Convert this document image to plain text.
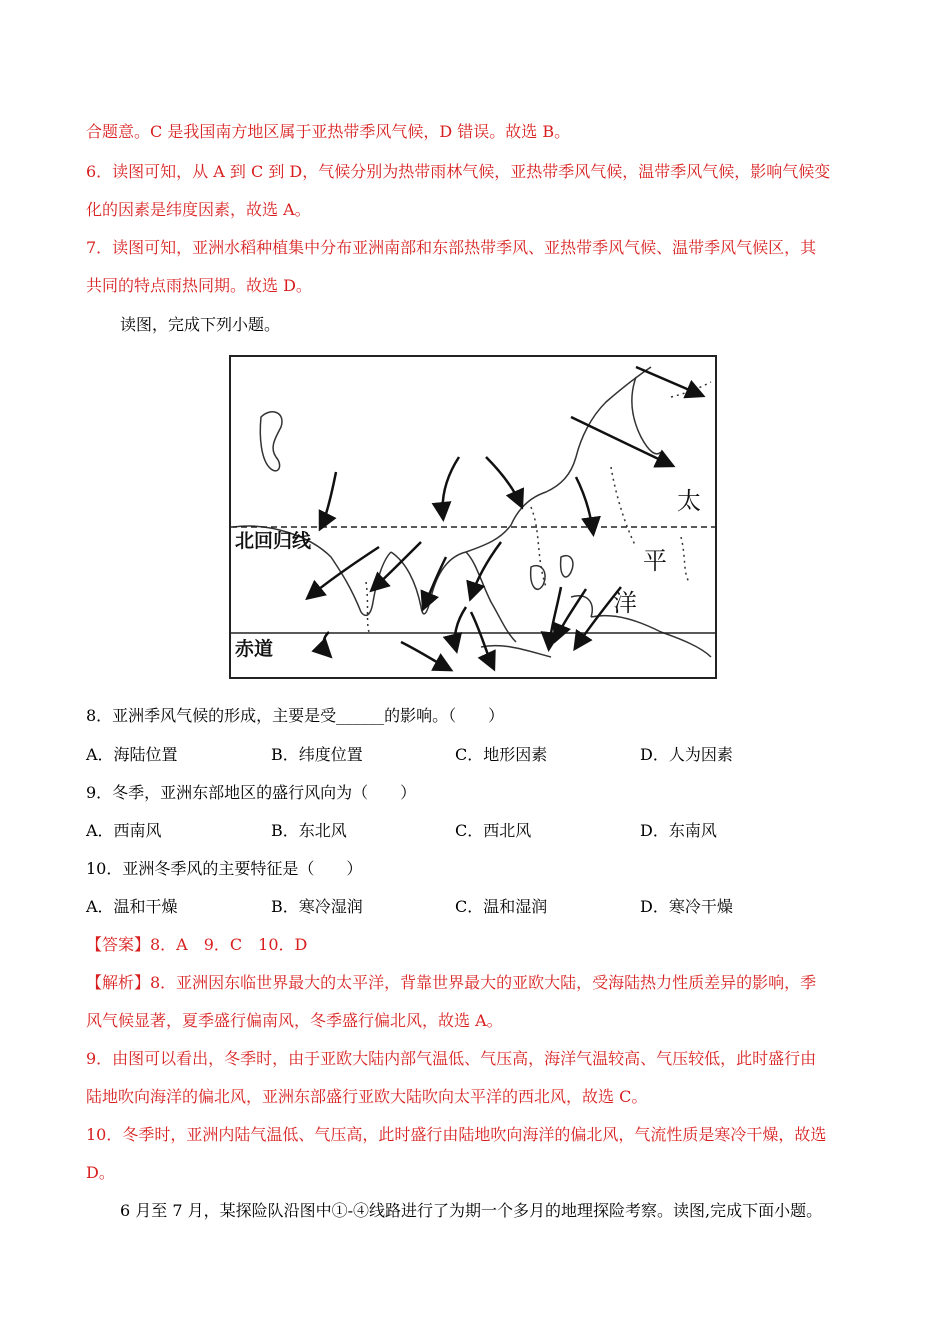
合题意。C 是我国南方地区属于亚热带季风气候，D 错误。故选 B。
6．读图可知，从 A 到 C 到 D，气候分别为热带雨林气候，亚热带季风气候，温带季风气候，影响气候变
化的因素是纬度因素，故选 A。
7．读图可知，亚洲水稻种植集中分布亚洲南部和东部热带季风、亚热带季风气候、温带季风气候区，其
共同的特点雨热同期。故选 D。
读图，完成下列小题。
北回归线
赤道
太
平
洋
8．亚洲季风气候的形成，主要是受______的影响。（　　）
A．海陆位置	B．纬度位置	C．地形因素	D．人为因素
9．冬季，亚洲东部地区的盛行风向为（　　）
A．西南风	B．东北风	C．西北风	D．东南风
10．亚洲冬季风的主要特征是（　　）
A．温和干燥	B．寒冷湿润	C．温和湿润	D．寒冷干燥
【答案】8．A　9．C　10．D
【解析】8．亚洲因东临世界最大的太平洋，背靠世界最大的亚欧大陆，受海陆热力性质差异的影响，季
风气候显著，夏季盛行偏南风，冬季盛行偏北风，故选 A。
9．由图可以看出，冬季时，由于亚欧大陆内部气温低、气压高，海洋气温较高、气压较低，此时盛行由
陆地吹向海洋的偏北风，亚洲东部盛行亚欧大陆吹向太平洋的西北风，故选 C。
10．冬季时，亚洲内陆气温低、气压高，此时盛行由陆地吹向海洋的偏北风，气流性质是寒冷干燥，故选
D。
6 月至 7 月，某探险队沿图中①-④线路进行了为期一个多月的地理探险考察。读图,完成下面小题。
